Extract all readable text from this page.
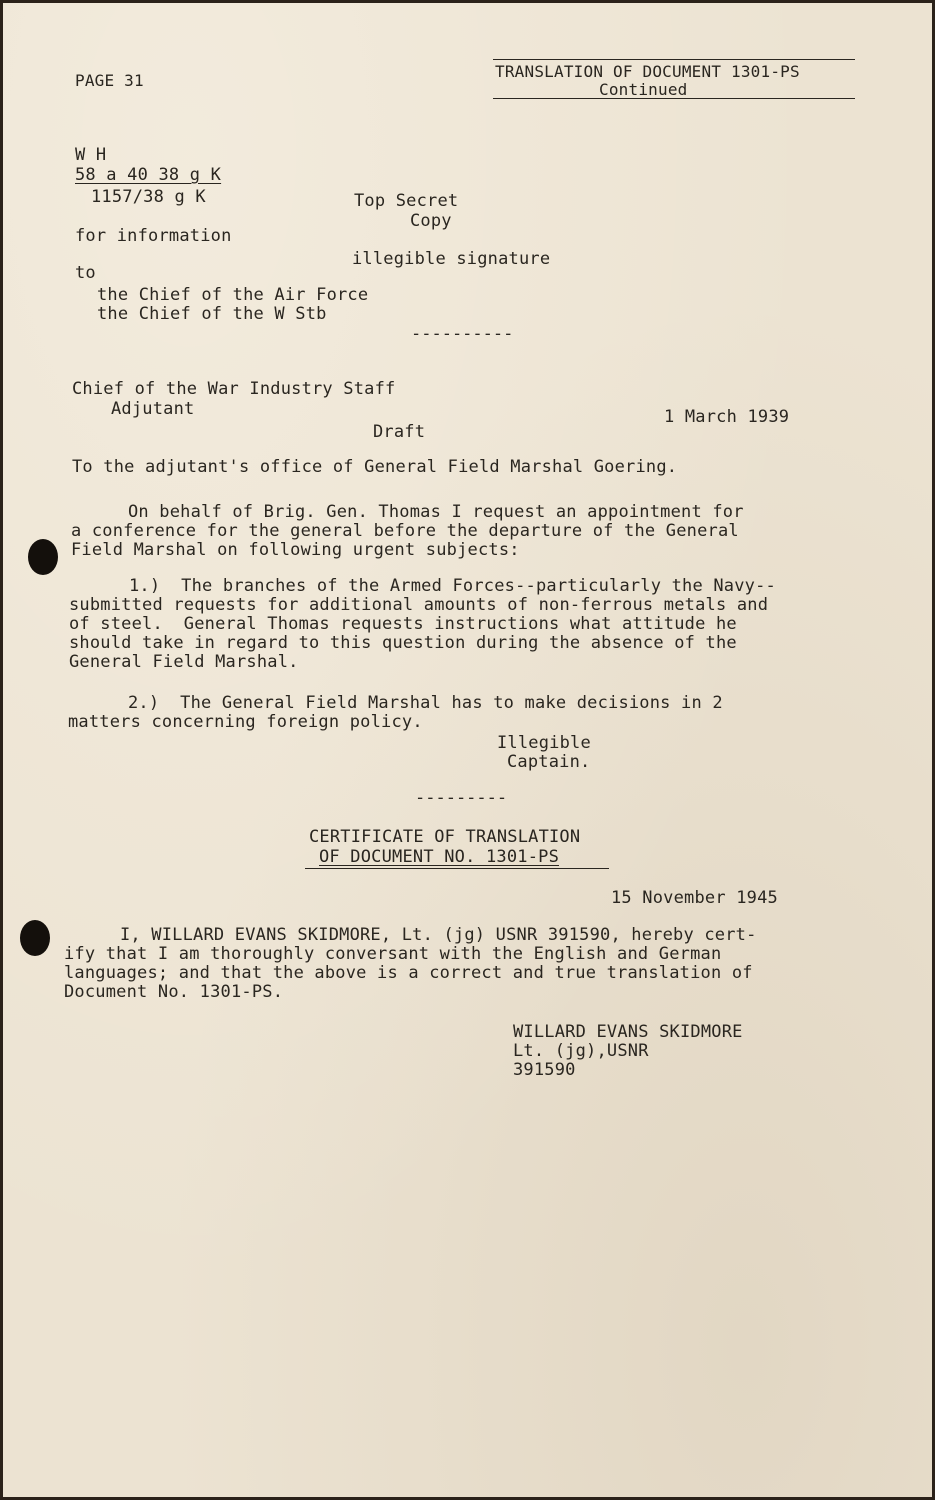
PAGE 31	TRANSLATION OF DOCUMENT 1301-PS
Continued
W H
58 a 40 38 g K
1157/38 g K	Top Secret
Copy
illegible signature
for information
to
the Chief of the Air Force
the Chief of the W Stb
----------
Chief of the War Industry Staff
Adjutant	1 March 1939
Draft
To the adjutant's office of General Field Marshal Goering.
On behalf of Brig. Gen. Thomas I request an appointment for
a conference for the general before the departure of the General
Field Marshal on following urgent subjects:
1.)  The branches of the Armed Forces--particularly the Navy--
submitted requests for additional amounts of non-ferrous metals and
of steel.  General Thomas requests instructions what attitude he
should take in regard to this question during the absence of the
General Field Marshal.
2.)  The General Field Marshal has to make decisions in 2
matters concerning foreign policy.
Illegible
Captain.
---------
CERTIFICATE OF TRANSLATION
OF DOCUMENT NO. 1301-PS
15 November 1945
I, WILLARD EVANS SKIDMORE, Lt. (jg) USNR 391590, hereby cert-
ify that I am thoroughly conversant with the English and German
languages; and that the above is a correct and true translation of
Document No. 1301-PS.
WILLARD EVANS SKIDMORE
Lt. (jg),USNR
391590
